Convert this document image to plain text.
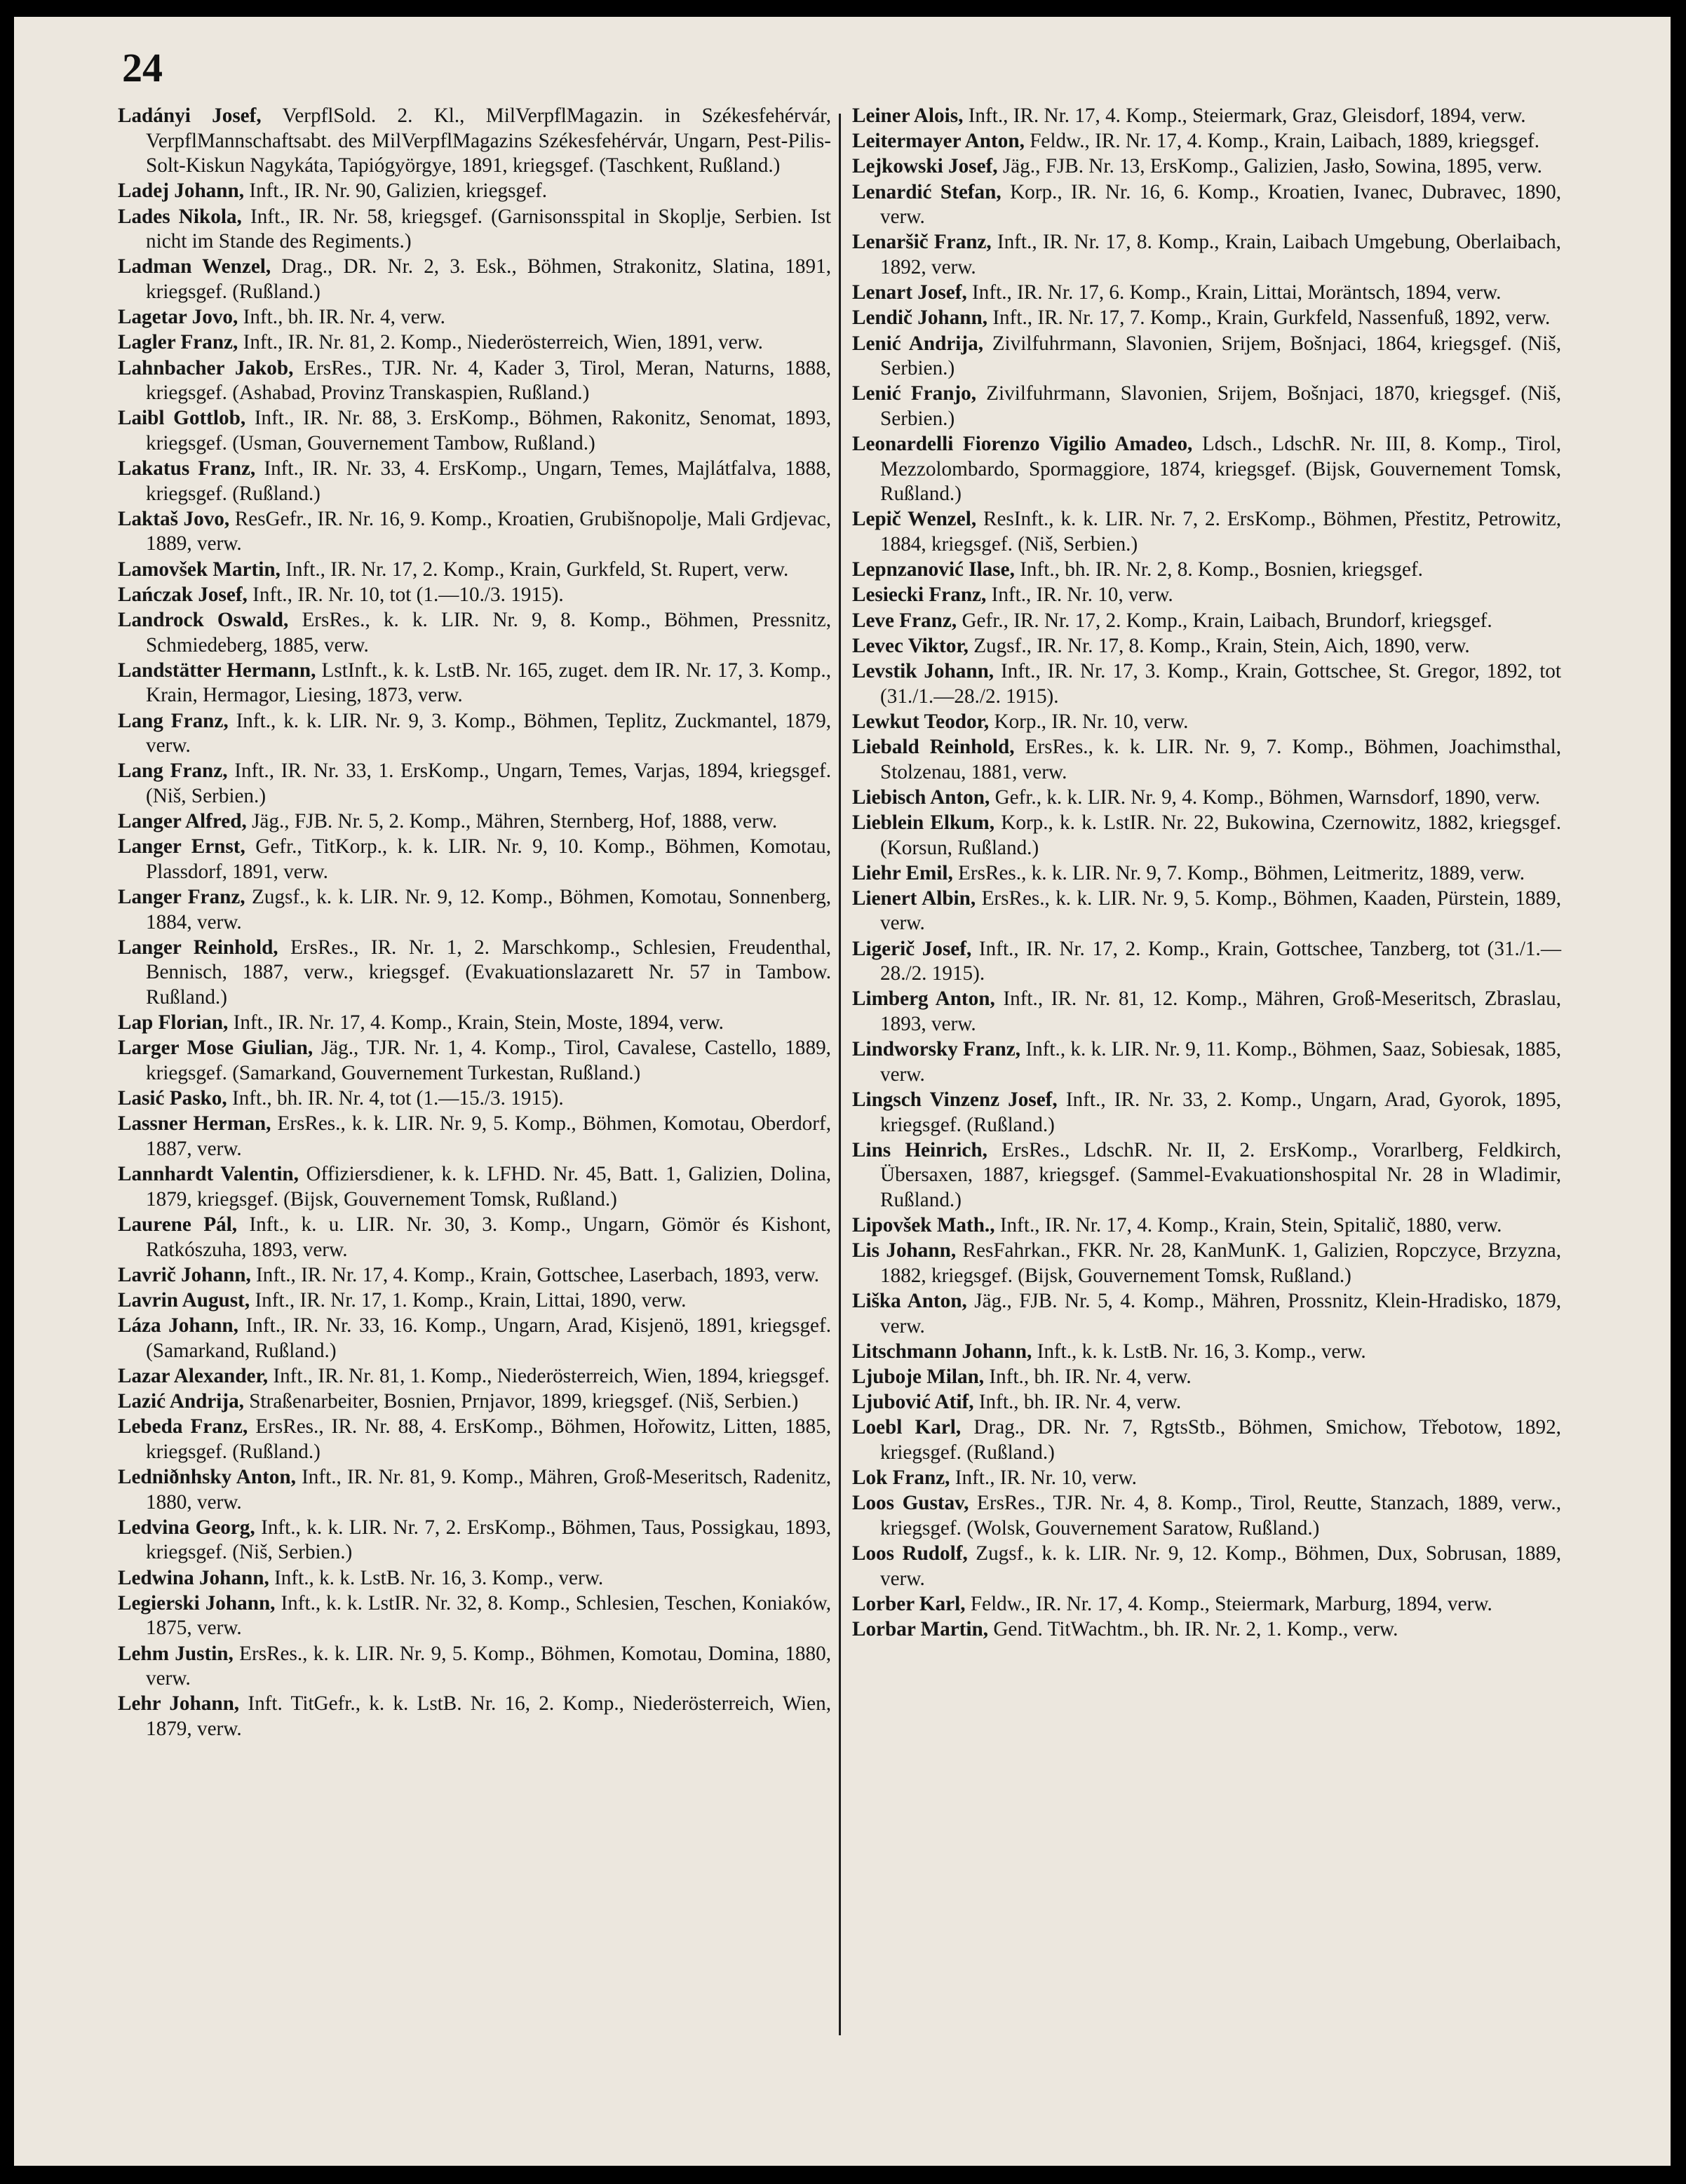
24

Ladányi Josef, VerpflSold. 2. Kl., MilVerpflMagazin. in Székesfehérvár, VerpflMannschaftsabt. des MilVerpflMagazins Székesfehérvár, Ungarn, Pest-Pilis-Solt-Kiskun Nagykáta, Tapiógyörgye, 1891, kriegsgef. (Taschkent, Rußland.)

Ladej Johann, Inft., IR. Nr. 90, Galizien, kriegsgef.

Lades Nikola, Inft., IR. Nr. 58, kriegsgef. (Garnisonsspital in Skoplje, Serbien. Ist nicht im Stande des Regiments.)

Ladman Wenzel, Drag., DR. Nr. 2, 3. Esk., Böhmen, Strakonitz, Slatina, 1891, kriegsgef. (Rußland.)

Lagetar Jovo, Inft., bh. IR. Nr. 4, verw.

Lagler Franz, Inft., IR. Nr. 81, 2. Komp., Niederösterreich, Wien, 1891, verw.

Lahnbacher Jakob, ErsRes., TJR. Nr. 4, Kader 3, Tirol, Meran, Naturns, 1888, kriegsgef. (Ashabad, Provinz Transkaspien, Rußland.)

Laibl Gottlob, Inft., IR. Nr. 88, 3. ErsKomp., Böhmen, Rakonitz, Senomat, 1893, kriegsgef. (Usman, Gouvernement Tambow, Rußland.)

Lakatus Franz, Inft., IR. Nr. 33, 4. ErsKomp., Ungarn, Temes, Majlátfalva, 1888, kriegsgef. (Rußland.)

Laktaš Jovo, ResGefr., IR. Nr. 16, 9. Komp., Kroatien, Grubišnopolje, Mali Grdjevac, 1889, verw.

Lamovšek Martin, Inft., IR. Nr. 17, 2. Komp., Krain, Gurkfeld, St. Rupert, verw.

Lańczak Josef, Inft., IR. Nr. 10, tot (1.—10./3. 1915).

Landrock Oswald, ErsRes., k. k. LIR. Nr. 9, 8. Komp., Böhmen, Pressnitz, Schmiedeberg, 1885, verw.

Landstätter Hermann, LstInft., k. k. LstB. Nr. 165, zuget. dem IR. Nr. 17, 3. Komp., Krain, Hermagor, Liesing, 1873, verw.

Lang Franz, Inft., k. k. LIR. Nr. 9, 3. Komp., Böhmen, Teplitz, Zuckmantel, 1879, verw.

Lang Franz, Inft., IR. Nr. 33, 1. ErsKomp., Ungarn, Temes, Varjas, 1894, kriegsgef. (Niš, Serbien.)

Langer Alfred, Jäg., FJB. Nr. 5, 2. Komp., Mähren, Sternberg, Hof, 1888, verw.

Langer Ernst, Gefr., TitKorp., k. k. LIR. Nr. 9, 10. Komp., Böhmen, Komotau, Plassdorf, 1891, verw.

Langer Franz, Zugsf., k. k. LIR. Nr. 9, 12. Komp., Böhmen, Komotau, Sonnenberg, 1884, verw.

Langer Reinhold, ErsRes., IR. Nr. 1, 2. Marschkomp., Schlesien, Freudenthal, Bennisch, 1887, verw., kriegsgef. (Evakuationslazarett Nr. 57 in Tambow. Rußland.)

Lap Florian, Inft., IR. Nr. 17, 4. Komp., Krain, Stein, Moste, 1894, verw.

Larger Mose Giulian, Jäg., TJR. Nr. 1, 4. Komp., Tirol, Cavalese, Castello, 1889, kriegsgef. (Samarkand, Gouvernement Turkestan, Rußland.)

Lasić Pasko, Inft., bh. IR. Nr. 4, tot (1.—15./3. 1915).

Lassner Herman, ErsRes., k. k. LIR. Nr. 9, 5. Komp., Böhmen, Komotau, Oberdorf, 1887, verw.

Lannhardt Valentin, Offiziersdiener, k. k. LFHD. Nr. 45, Batt. 1, Galizien, Dolina, 1879, kriegsgef. (Bijsk, Gouvernement Tomsk, Rußland.)

Laurene Pál, Inft., k. u. LIR. Nr. 30, 3. Komp., Ungarn, Gömör és Kishont, Ratkószuha, 1893, verw.

Lavrič Johann, Inft., IR. Nr. 17, 4. Komp., Krain, Gottschee, Laserbach, 1893, verw.

Lavrin August, Inft., IR. Nr. 17, 1. Komp., Krain, Littai, 1890, verw.

Láza Johann, Inft., IR. Nr. 33, 16. Komp., Ungarn, Arad, Kisjenö, 1891, kriegsgef. (Samarkand, Rußland.)

Lazar Alexander, Inft., IR. Nr. 81, 1. Komp., Niederösterreich, Wien, 1894, kriegsgef.

Lazić Andrija, Straßenarbeiter, Bosnien, Prnjavor, 1899, kriegsgef. (Niš, Serbien.)

Lebeda Franz, ErsRes., IR. Nr. 88, 4. ErsKomp., Böhmen, Hořowitz, Litten, 1885, kriegsgef. (Rußland.)

Ledniðnhsky Anton, Inft., IR. Nr. 81, 9. Komp., Mähren, Groß-Meseritsch, Radenitz, 1880, verw.

Ledvina Georg, Inft., k. k. LIR. Nr. 7, 2. ErsKomp., Böhmen, Taus, Possigkau, 1893, kriegsgef. (Niš, Serbien.)

Ledwina Johann, Inft., k. k. LstB. Nr. 16, 3. Komp., verw.

Legierski Johann, Inft., k. k. LstIR. Nr. 32, 8. Komp., Schlesien, Teschen, Koniaków, 1875, verw.

Lehm Justin, ErsRes., k. k. LIR. Nr. 9, 5. Komp., Böhmen, Komotau, Domina, 1880, verw.

Lehr Johann, Inft. TitGefr., k. k. LstB. Nr. 16, 2. Komp., Niederösterreich, Wien, 1879, verw.

Leiner Alois, Inft., IR. Nr. 17, 4. Komp., Steiermark, Graz, Gleisdorf, 1894, verw.

Leitermayer Anton, Feldw., IR. Nr. 17, 4. Komp., Krain, Laibach, 1889, kriegsgef.

Lejkowski Josef, Jäg., FJB. Nr. 13, ErsKomp., Galizien, Jasło, Sowina, 1895, verw.

Lenardić Stefan, Korp., IR. Nr. 16, 6. Komp., Kroatien, Ivanec, Dubravec, 1890, verw.

Lenaršič Franz, Inft., IR. Nr. 17, 8. Komp., Krain, Laibach Umgebung, Oberlaibach, 1892, verw.

Lenart Josef, Inft., IR. Nr. 17, 6. Komp., Krain, Littai, Moräntsch, 1894, verw.

Lendič Johann, Inft., IR. Nr. 17, 7. Komp., Krain, Gurkfeld, Nassenfuß, 1892, verw.

Lenić Andrija, Zivilfuhrmann, Slavonien, Srijem, Bošnjaci, 1864, kriegsgef. (Niš, Serbien.)

Lenić Franjo, Zivilfuhrmann, Slavonien, Srijem, Bošnjaci, 1870, kriegsgef. (Niš, Serbien.)

Leonardelli Fiorenzo Vigilio Amadeo, Ldsch., LdschR. Nr. III, 8. Komp., Tirol, Mezzolombardo, Spormaggiore, 1874, kriegsgef. (Bijsk, Gouvernement Tomsk, Rußland.)

Lepič Wenzel, ResInft., k. k. LIR. Nr. 7, 2. ErsKomp., Böhmen, Přestitz, Petrowitz, 1884, kriegsgef. (Niš, Serbien.)

Lepnzanović Ilase, Inft., bh. IR. Nr. 2, 8. Komp., Bosnien, kriegsgef.

Lesiecki Franz, Inft., IR. Nr. 10, verw.

Leve Franz, Gefr., IR. Nr. 17, 2. Komp., Krain, Laibach, Brundorf, kriegsgef.

Levec Viktor, Zugsf., IR. Nr. 17, 8. Komp., Krain, Stein, Aich, 1890, verw.

Levstik Johann, Inft., IR. Nr. 17, 3. Komp., Krain, Gottschee, St. Gregor, 1892, tot (31./1.—28./2. 1915).

Lewkut Teodor, Korp., IR. Nr. 10, verw.

Liebald Reinhold, ErsRes., k. k. LIR. Nr. 9, 7. Komp., Böhmen, Joachimsthal, Stolzenau, 1881, verw.

Liebisch Anton, Gefr., k. k. LIR. Nr. 9, 4. Komp., Böhmen, Warnsdorf, 1890, verw.

Lieblein Elkum, Korp., k. k. LstIR. Nr. 22, Bukowina, Czernowitz, 1882, kriegsgef. (Korsun, Rußland.)

Liehr Emil, ErsRes., k. k. LIR. Nr. 9, 7. Komp., Böhmen, Leitmeritz, 1889, verw.

Lienert Albin, ErsRes., k. k. LIR. Nr. 9, 5. Komp., Böhmen, Kaaden, Pürstein, 1889, verw.

Ligerič Josef, Inft., IR. Nr. 17, 2. Komp., Krain, Gottschee, Tanzberg, tot (31./1.—28./2. 1915).

Limberg Anton, Inft., IR. Nr. 81, 12. Komp., Mähren, Groß-Meseritsch, Zbraslau, 1893, verw.

Lindworsky Franz, Inft., k. k. LIR. Nr. 9, 11. Komp., Böhmen, Saaz, Sobiesak, 1885, verw.

Lingsch Vinzenz Josef, Inft., IR. Nr. 33, 2. Komp., Ungarn, Arad, Gyorok, 1895, kriegsgef. (Rußland.)

Lins Heinrich, ErsRes., LdschR. Nr. II, 2. ErsKomp., Vorarlberg, Feldkirch, Übersaxen, 1887, kriegsgef. (Sammel-Evakuationshospital Nr. 28 in Wladimir, Rußland.)

Lipovšek Math., Inft., IR. Nr. 17, 4. Komp., Krain, Stein, Spitalič, 1880, verw.

Lis Johann, ResFahrkan., FKR. Nr. 28, KanMunK. 1, Galizien, Ropczyce, Brzyzna, 1882, kriegsgef. (Bijsk, Gouvernement Tomsk, Rußland.)

Liška Anton, Jäg., FJB. Nr. 5, 4. Komp., Mähren, Prossnitz, Klein-Hradisko, 1879, verw.

Litschmann Johann, Inft., k. k. LstB. Nr. 16, 3. Komp., verw.

Ljuboje Milan, Inft., bh. IR. Nr. 4, verw.

Ljubović Atif, Inft., bh. IR. Nr. 4, verw.

Loebl Karl, Drag., DR. Nr. 7, RgtsStb., Böhmen, Smichow, Třebotow, 1892, kriegsgef. (Rußland.)

Lok Franz, Inft., IR. Nr. 10, verw.

Loos Gustav, ErsRes., TJR. Nr. 4, 8. Komp., Tirol, Reutte, Stanzach, 1889, verw., kriegsgef. (Wolsk, Gouvernement Saratow, Rußland.)

Loos Rudolf, Zugsf., k. k. LIR. Nr. 9, 12. Komp., Böhmen, Dux, Sobrusan, 1889, verw.

Lorber Karl, Feldw., IR. Nr. 17, 4. Komp., Steiermark, Marburg, 1894, verw.

Lorbar Martin, Gend. TitWachtm., bh. IR. Nr. 2, 1. Komp., verw.
